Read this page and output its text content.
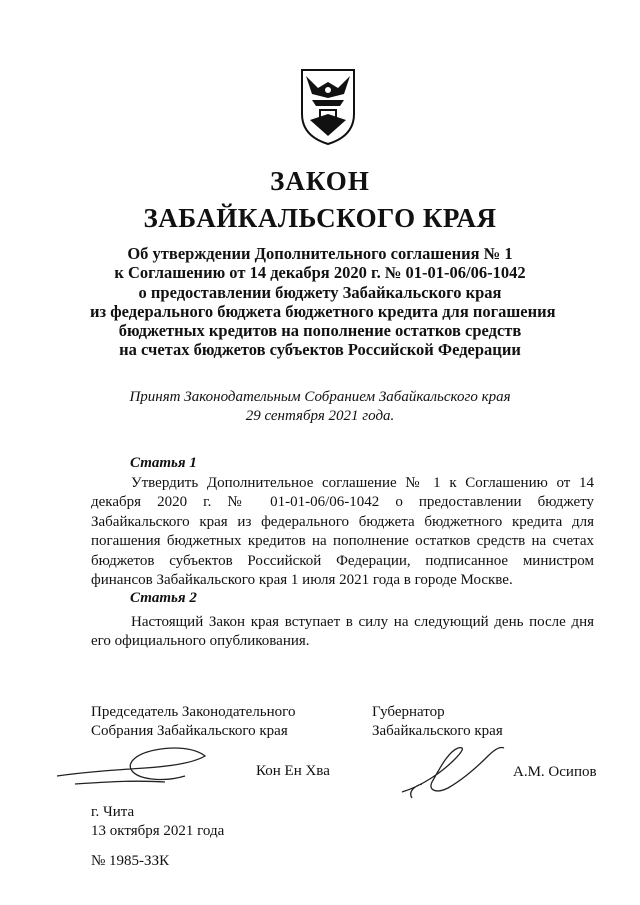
ЗАКОН
ЗАБАЙКАЛЬСКОГО КРАЯ
Об утверждении Дополнительного соглашения № 1
к Соглашению от 14 декабря 2020 г. № 01-01-06/06-1042
о предоставлении бюджету Забайкальского края
из федерального бюджета бюджетного кредита для погашения
бюджетных кредитов на пополнение остатков средств
на счетах бюджетов субъектов Российской Федерации
Принят Законодательным Собранием Забайкальского края
29 сентября 2021 года.
Статья 1
Утвердить Дополнительное соглашение № 1 к Соглашению от 14 декабря 2020 г. № 01-01-06/06-1042 о предоставлении бюджету Забайкальского края из федерального бюджета бюджетного кредита для погашения бюджетных кредитов на пополнение остатков средств на счетах бюджетов субъектов Российской Федерации, подписанное министром финансов Забайкальского края 1 июля 2021 года в городе Москве.
Статья 2
Настоящий Закон края вступает в силу на следующий день после дня его официального опубликования.
Председатель Законодательного
Собрания Забайкальского края
Губернатор
Забайкальского края
Кон Ен Хва	А.М. Осипов
г. Чита
13 октября 2021 года
№ 1985-ЗЗК
